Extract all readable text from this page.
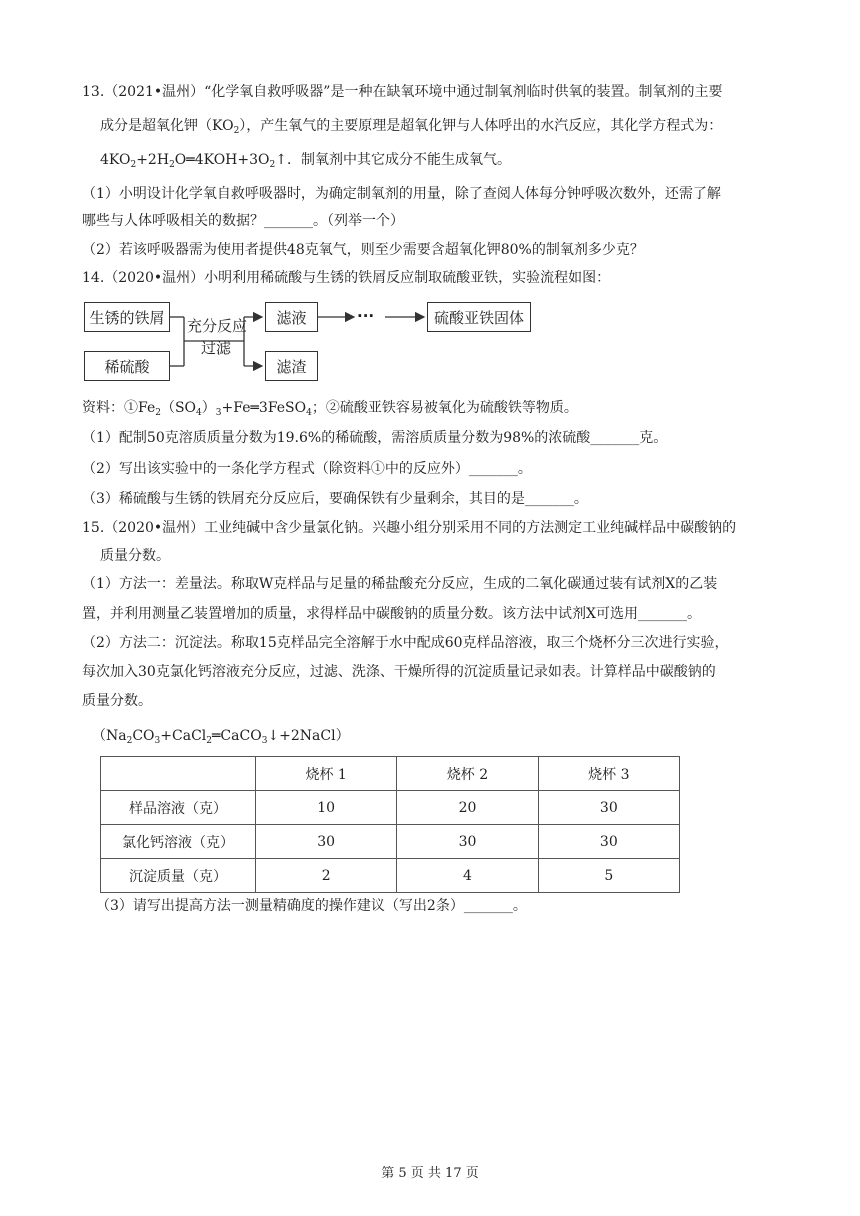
13.（2021•温州）“化学氧自救呼吸器”是一种在缺氧环境中通过制氧剂临时供氧的装置。制氧剂的主要
成分是超氧化钾$(KO_2)$，产生氧气的主要原理是超氧化钾与人体呼出的水汽反应，其化学方程式为：
$4KO_2+2H_2O═4KOH+3O_2↑$．制氧剂中其它成分不能生成氧气。
（1）小明设计化学氧自救呼吸器时，为确定制氧剂的用量，除了查阅人体每分钟呼吸次数外，还需了解
哪些与人体呼吸相关的数据？_______。（列举一个）
（2）若该呼吸器需为使用者提供48克氧气，则至少需要含超氧化钾80%的制氧剂多少克？
14.（2020•温州）小明利用稀硫酸与生锈的铁屑反应制取硫酸亚铁，实验流程如图：
生锈的铁屑
稀硫酸
充分反应
过滤
滤液	···	硫酸亚铁固体
滤渣
资料：$①Fe_2(SO_4)_3+Fe═3FeSO_4$；②硫酸亚铁容易被氧化为硫酸铁等物质。
（1）配制50克溶质质量分数为19.6%的稀硫酸，需溶质质量分数为98%的浓硫酸_______克。
（2）写出该实验中的一条化学方程式（除资料①中的反应外）_______。
（3）稀硫酸与生锈的铁屑充分反应后，要确保铁有少量剩余，其目的是_______。
15.（2020•温州）工业纯碱中含少量氯化钠。兴趣小组分别采用不同的方法测定工业纯碱样品中碳酸钠的
质量分数。
（1）方法一：差量法。称取W克样品与足量的稀盐酸充分反应，生成的二氧化碳通过装有试剂X的乙装
置，并利用测量乙装置增加的质量，求得样品中碳酸钠的质量分数。该方法中试剂X可选用_______。
（2）方法二：沉淀法。称取15克样品完全溶解于水中配成60克样品溶液，取三个烧杯分三次进行实验，
每次加入30克氯化钙溶液充分反应，过滤、洗涤、干燥所得的沉淀质量记录如表。计算样品中碳酸钠的
质量分数。
$(Na_2CO_3+CaCl_2═CaCO_3↓+2NaCl)$
	烧杯 1	烧杯 2	烧杯 3
样品溶液（克）	10	20	30
氯化钙溶液（克）	30	30	30
沉淀质量（克）	2	4	5
（3）请写出提高方法一测量精确度的操作建议（写出2条）_______。
第 5 页 共 17 页
